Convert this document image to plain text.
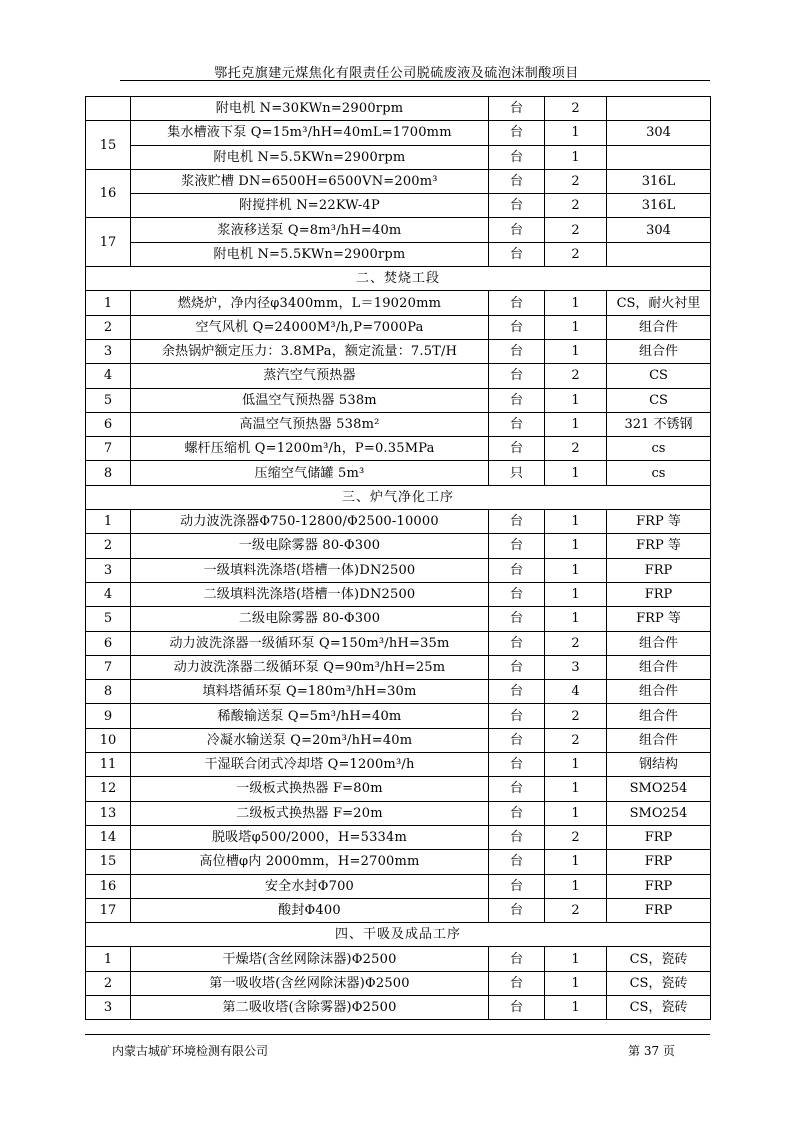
鄂托克旗建元煤焦化有限责任公司脱硫废液及硫泡沫制酸项目
	附电机 N=30KWn=2900rpm	台	2	
15	集水槽液下泵 Q=15m³/hH=40mL=1700mm	台	1	304
	附电机 N=5.5KWn=2900rpm	台	1	
16	浆液贮槽 DN=6500H=6500VN=200m³	台	2	316L
	附搅拌机 N=22KW-4P	台	2	316L
17	浆液移送泵 Q=8m³/hH=40m	台	2	304
	附电机 N=5.5KWn=2900rpm	台	2	
二、焚烧工段				
1	燃烧炉，净内径φ3400mm，L＝19020mm	台	1	CS，耐火衬里
2	空气风机 Q=24000M³/h,P=7000Pa	台	1	组合件
3	余热锅炉额定压力：3.8MPa，额定流量：7.5T/H	台	1	组合件
4	蒸汽空气预热器	台	2	CS
5	低温空气预热器 538m	台	1	CS
6	高温空气预热器 538m²	台	1	321 不锈钢
7	螺杆压缩机 Q=1200m³/h，P=0.35MPa	台	2	cs
8	压缩空气储罐 5m³	只	1	cs
三、炉气净化工序				
1	动力波洗涤器Φ750-12800/Φ2500-10000	台	1	FRP 等
2	一级电除雾器 80-Φ300	台	1	FRP 等
3	一级填料洗涤塔(塔槽一体)DN2500	台	1	FRP
4	二级填料洗涤塔(塔槽一体)DN2500	台	1	FRP
5	二级电除雾器 80-Φ300	台	1	FRP 等
6	动力波洗涤器一级循环泵 Q=150m³/hH=35m	台	2	组合件
7	动力波洗涤器二级循环泵 Q=90m³/hH=25m	台	3	组合件
8	填料塔循环泵 Q=180m³/hH=30m	台	4	组合件
9	稀酸输送泵 Q=5m³/hH=40m	台	2	组合件
10	冷凝水输送泵 Q=20m³/hH=40m	台	2	组合件
11	干湿联合闭式冷却塔 Q=1200m³/h	台	1	钢结构
12	一级板式换热器 F=80m	台	1	SMO254
13	二级板式换热器 F=20m	台	1	SMO254
14	脱吸塔φ500/2000，H=5334m	台	2	FRP
15	高位槽φ内 2000mm，H=2700mm	台	1	FRP
16	安全水封Φ700	台	1	FRP
17	酸封Φ400	台	2	FRP
四、干吸及成品工序				
1	干燥塔(含丝网除沫器)Φ2500	台	1	CS，瓷砖
2	第一吸收塔(含丝网除沫器)Φ2500	台	1	CS，瓷砖
3	第二吸收塔(含除雾器)Φ2500	台	1	CS，瓷砖
内蒙古城矿环境检测有限公司	第 37 页
